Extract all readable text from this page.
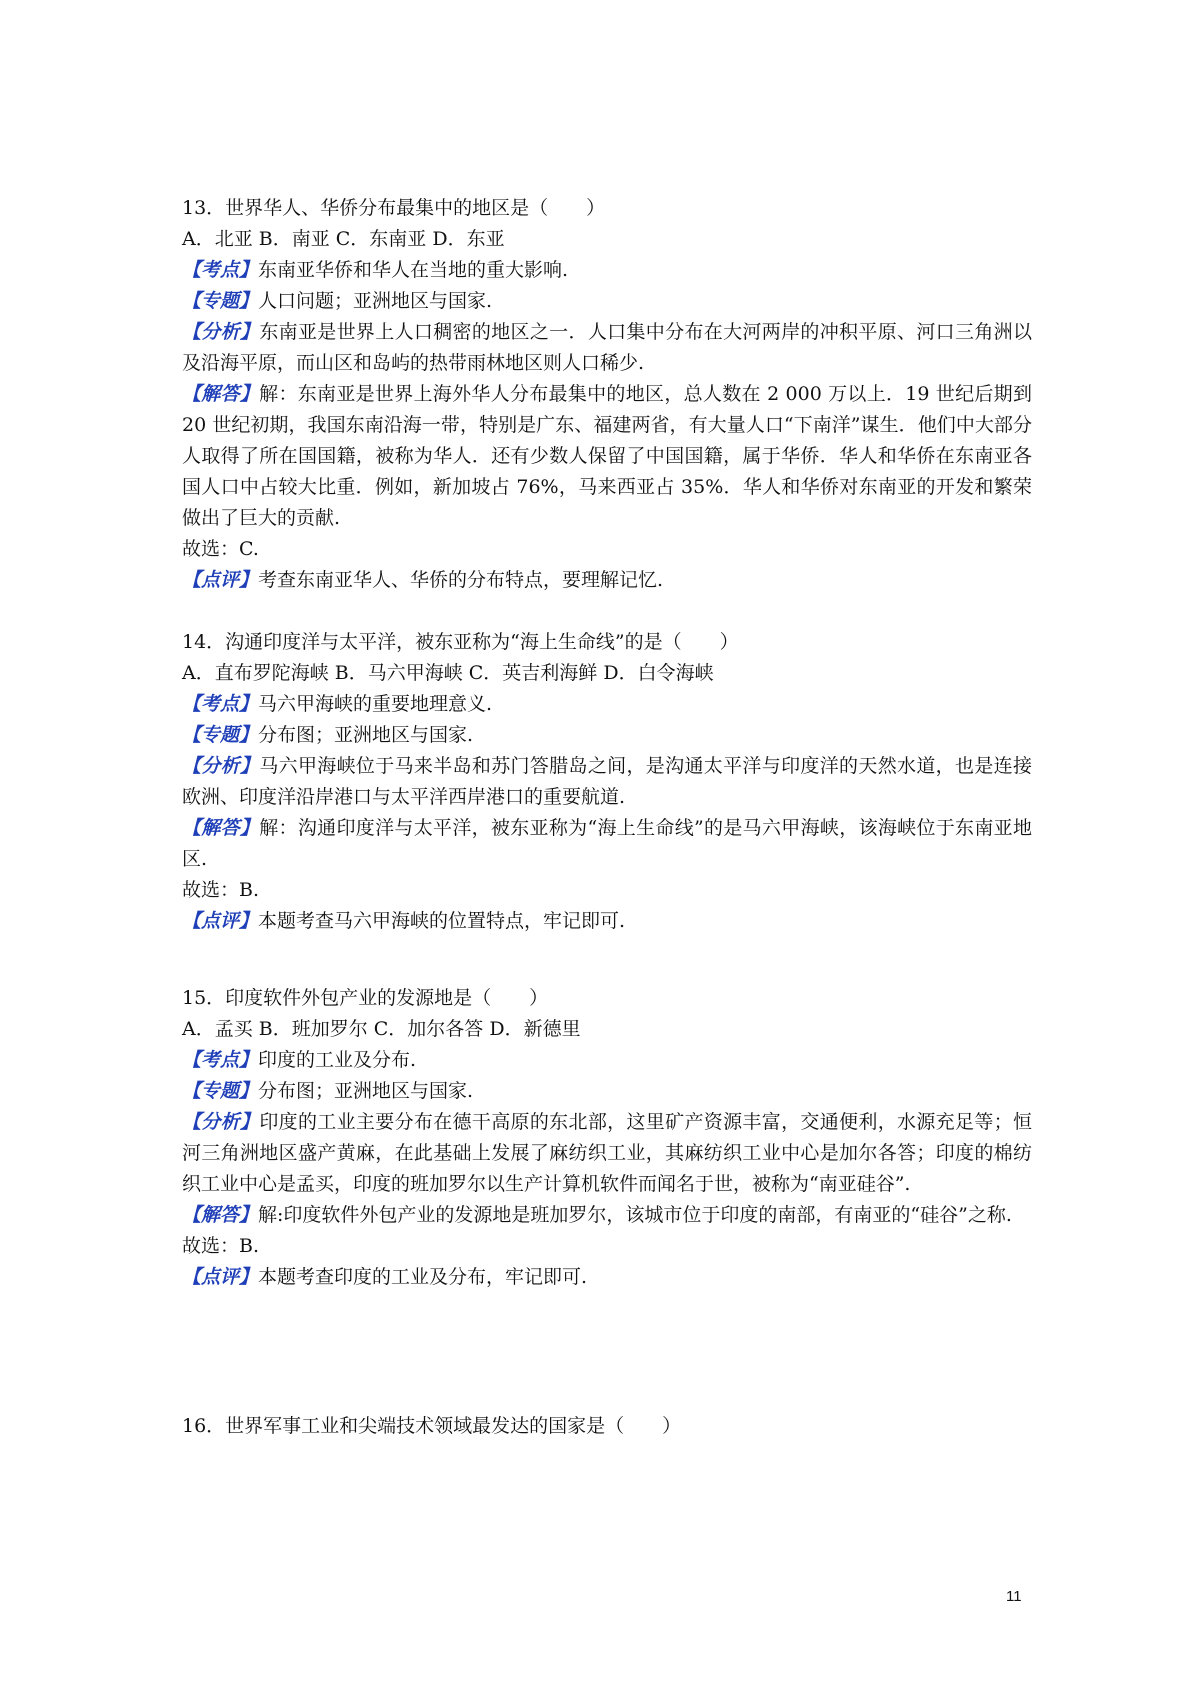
13．世界华人、华侨分布最集中的地区是（　　）
A．北亚 B．南亚 C．东南亚 D．东亚
【考点】东南亚华侨和华人在当地的重大影响.
【专题】人口问题；亚洲地区与国家.
【分析】东南亚是世界上人口稠密的地区之一．人口集中分布在大河两岸的冲积平原、河口三角洲以及沿海平原，而山区和岛屿的热带雨林地区则人口稀少.
【解答】解：东南亚是世界上海外华人分布最集中的地区，总人数在 2 000 万以上．19 世纪后期到 20 世纪初期，我国东南沿海一带，特别是广东、福建两省，有大量人口“下南洋”谋生．他们中大部分人取得了所在国国籍，被称为华人．还有少数人保留了中国国籍，属于华侨．华人和华侨在东南亚各国人口中占较大比重．例如，新加坡占 76%，马来西亚占 35%．华人和华侨对东南亚的开发和繁荣做出了巨大的贡献.
故选：C.
【点评】考查东南亚华人、华侨的分布特点，要理解记忆.
14．沟通印度洋与太平洋，被东亚称为“海上生命线”的是（　　）
A．直布罗陀海峡 B．马六甲海峡 C．英吉利海鲜 D．白令海峡
【考点】马六甲海峡的重要地理意义.
【专题】分布图；亚洲地区与国家.
【分析】马六甲海峡位于马来半岛和苏门答腊岛之间，是沟通太平洋与印度洋的天然水道，也是连接欧洲、印度洋沿岸港口与太平洋西岸港口的重要航道.
【解答】解：沟通印度洋与太平洋，被东亚称为“海上生命线”的是马六甲海峡，该海峡位于东南亚地区.
故选：B.
【点评】本题考查马六甲海峡的位置特点，牢记即可.
15．印度软件外包产业的发源地是（　　）
A．孟买 B．班加罗尔 C．加尔各答 D．新德里
【考点】印度的工业及分布.
【专题】分布图；亚洲地区与国家.
【分析】印度的工业主要分布在德干高原的东北部，这里矿产资源丰富，交通便利，水源充足等；恒河三角洲地区盛产黄麻，在此基础上发展了麻纺织工业，其麻纺织工业中心是加尔各答；印度的棉纺织工业中心是孟买，印度的班加罗尔以生产计算机软件而闻名于世，被称为“南亚硅谷”.
【解答】解:印度软件外包产业的发源地是班加罗尔，该城市位于印度的南部，有南亚的“硅谷”之称.
故选：B.
【点评】本题考查印度的工业及分布，牢记即可.
16．世界军事工业和尖端技术领域最发达的国家是（　　）
11
